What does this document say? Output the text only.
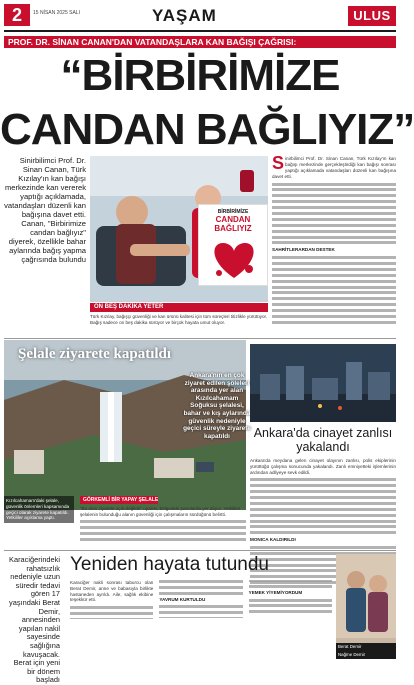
2	15 NİSAN 2025 SALI	YAŞAM	ULUS
PROF. DR. SİNAN CANAN'DAN VATANDAŞLARA KAN BAĞIŞI ÇAĞRISI:
“BİRBİRİMİZE
CANDAN BAĞLIYIZ”
Sinirbilimci Prof. Dr. Sinan Canan, Türk Kızılay'ın kan bağışı merkezinde kan vererek yaptığı açıklamada, vatandaşları düzenli kan bağışına davet etti. Canan, "Birbirimize candan bağlıyız" diyerek, özellikle bahar aylarında bağış yapma çağrısında bulundu
BİRBİRİMİZE
CANDAN BAĞLIYIZ
ON BEŞ DAKİKA YETER
Türk Kızılay, bağışçı güvenliği ve kan ürünü kalitesi için tüm süreçleri titizlikle yürütüyor. Bağış sadece on beş dakika sürüyor ve birçok hayata umut oluyor.
S inirbilimci Prof. Dr. Sinan Canan, Türk Kızılay'ın kan bağışı merkezinde gerçekleştirdiği kan bağışı sonrası yaptığı açıklamada vatandaşları düzenli kan bağışına davet etti.
SAHRİTLERARDAN DESTEK
Şelale ziyarete kapatıldı
Ankara'nın en çok ziyaret edilen şöleleri arasında yer alan Kızılcahamam Soğuksu şelalesi, bahar ve kış aylarında güvenlik nedeniyle geçici süreyle ziyarete kapatıldı
Kızılcahamam'daki şelale, güvenlik önlemleri kapsamında geçici olarak ziyarete kapatıldı. Yetkililer açıklama yaptı.
GÖRKEMLİ BİR YAPAY ŞELALE
"Bu alan ziyarete açık değildir" uyarısı, bölgedeki panolarda yer alıyor. Yetkililer şelalenin bulunduğu alanın güvenliği için çalışmaların sürdüğünü belirtti.
Ankara'da cinayet zanlısı yakalandı
Ankara'da meydana gelen cinayet olayının zanlısı, polis ekiplerinin yürüttüğü çalışma sonucunda yakalandı. Zanlı emniyetteki işlemlerinin ardından adliyeye sevk edildi.
MONICA KALDIRILDI
Karaciğerindeki rahatsızlık nedeniyle uzun süredir tedavi gören 17 yaşındaki Berat Demir, annesinden yapılan nakil sayesinde sağlığına kavuşacak. Berat için yeni bir dönem başladı
Yeniden hayata tutundu
Karaciğer nakli sonrası taburcu olan Berat Demir, anne ve babasıyla birlikte hastaneden ayrıldı. Aile, sağlık ekibine teşekkür etti.	YAVRUM KURTULDU
YEMEK YİYEMİYORDUM
Berat Demir
Nağme Demir
